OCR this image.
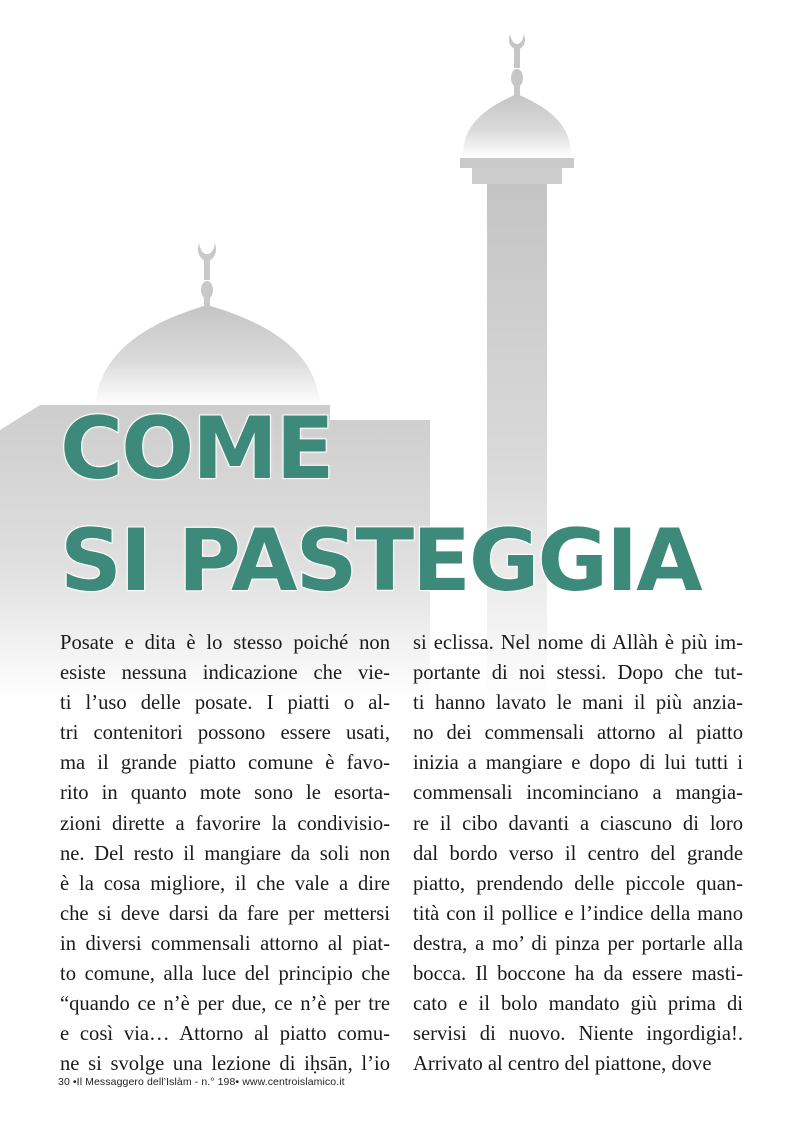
COME
SI PASTEGGIA
Posate e dita è lo stesso poiché non
esiste nessuna indicazione che vie-
ti l’uso delle posate. I piatti o al-
tri contenitori possono essere usati,
ma il grande piatto comune è favo-
rito in quanto mote sono le esorta-
zioni dirette a favorire la condivisio-
ne. Del resto il mangiare da soli non
è la cosa migliore, il che vale a dire
che si deve darsi da fare per mettersi
in diversi commensali attorno al piat-
to comune, alla luce del principio che
“quando ce n’è per due, ce n’è per tre
e così via… Attorno al piatto comu-
ne si svolge una lezione di iḥsān, l’io
si eclissa. Nel nome di Allàh è più im-
portante di noi stessi. Dopo che tut-
ti hanno lavato le mani il più anzia-
no dei commensali attorno al piatto
inizia a mangiare e dopo di lui tutti i
commensali incominciano a mangia-
re il cibo davanti a ciascuno di loro
dal bordo verso il centro del grande
piatto, prendendo delle piccole quan-
tità con il pollice e l’indice della mano
destra, a mo’ di pinza per portarle alla
bocca. Il boccone ha da essere masti-
cato e il bolo mandato giù prima di
servisi di nuovo. Niente ingordigia!.
Arrivato al centro del piattone, dove
30 •Il Messaggero dell’Islàm - n.° 198• www.centroislamico.it
